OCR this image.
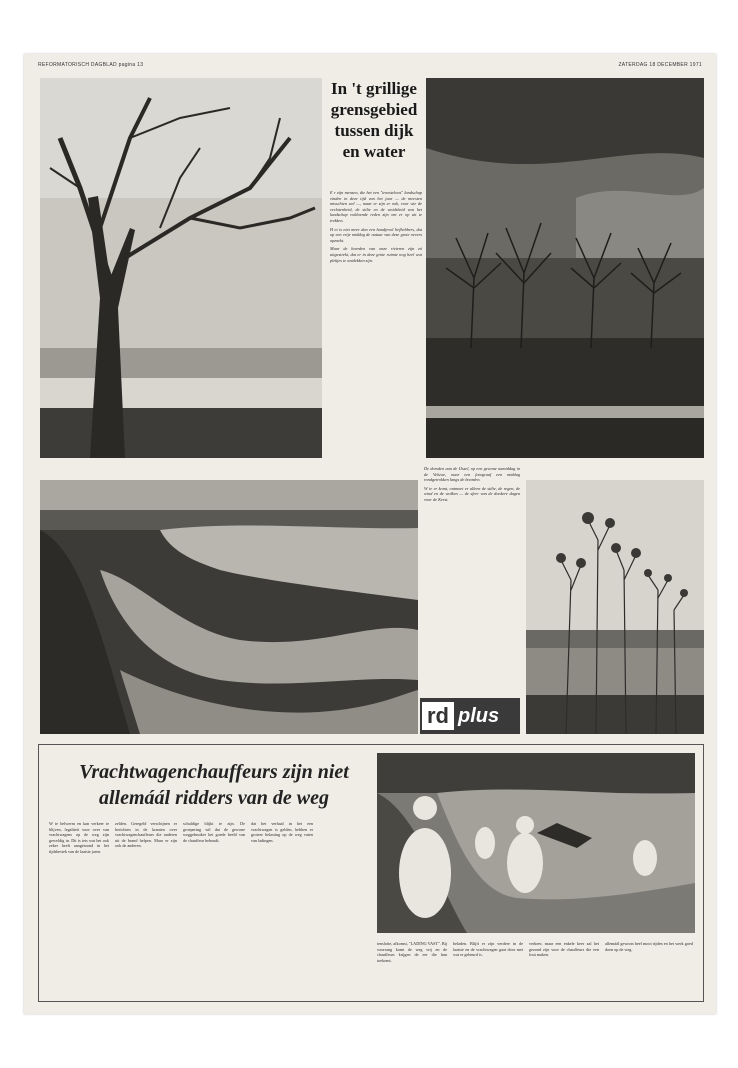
REFORMATORISCH DAGBLAD pagina 13	ZATERDAG 18 DECEMBER 1971
In 't grillige grensgebied tussen dijk en water

E r zijn mensen, die het een "troosteloos" landschap vinden in deze tijd van het jaar — de meesten misschien wel —, maar er zijn er ook, voor wie de verlatenheid, de stilte en de weidsheid van het landschap voldoende reden zijn om er op uit te trekken.

H et is niet meer dan een handjevol liefhebbers, dat op een vrije middag de natuur van deze grote oevers opzoekt.

Maar de boerden van onze rivieren zijn zó uitgestrekt, dat er in deze grote ruimte nog heel wat plekjes te ontdekken zijn.

De dorsden aan de IJssel, op een gewone namiddag in de Veluwe, naar een fotograaf een middag rondgetrokken langs de boorden.

W ie er komt, ontmoet er alleen de stilte, de regen, de wind en de wolken — de sfeer van de donkere dagen voor de Kerst.

rd plus
Vrachtwagenchauffeurs zijn niet allemáál ridders van de weg

W ie belwerm en kan verkeer te blijven, legaliteit voor over van vrachtwagens op de weg zijn geweldig in. Dit is iets wat het ook zeker heeft aangetoond in het tijdsbestek van de laatste jaren.

zelden. Geregeld verschijnen er berichten in de kranten over vrachtwagenchauffeurs die anderen uit de brand helpen. Maar er zijn ook de anderen.

schuldige blijkt te zijn. De groepering wil dat de gewone weggebruiker het goede beeld van de chauffeur behoudt.

dat het verhaal in het een vrachtwagen is gelden, hebben er grotere belasting op de weg vaten van ladingen.

tenslotte, afkomst, "LADING VAST". Bij voorrang komt de weg vrij en de chauffeurs krijgen de eer die hun toekomt.

beladen. Blijft er zijn verdere in de laatste en de vrachtwagen gaat door met wat er gebeurd is.

verkeer, maar een enkele keer zal het gezond zijn voor de chauffeurs die een fout maken.

allemáál gewoon heel mooi rijden en het werk goed doen op de weg.
